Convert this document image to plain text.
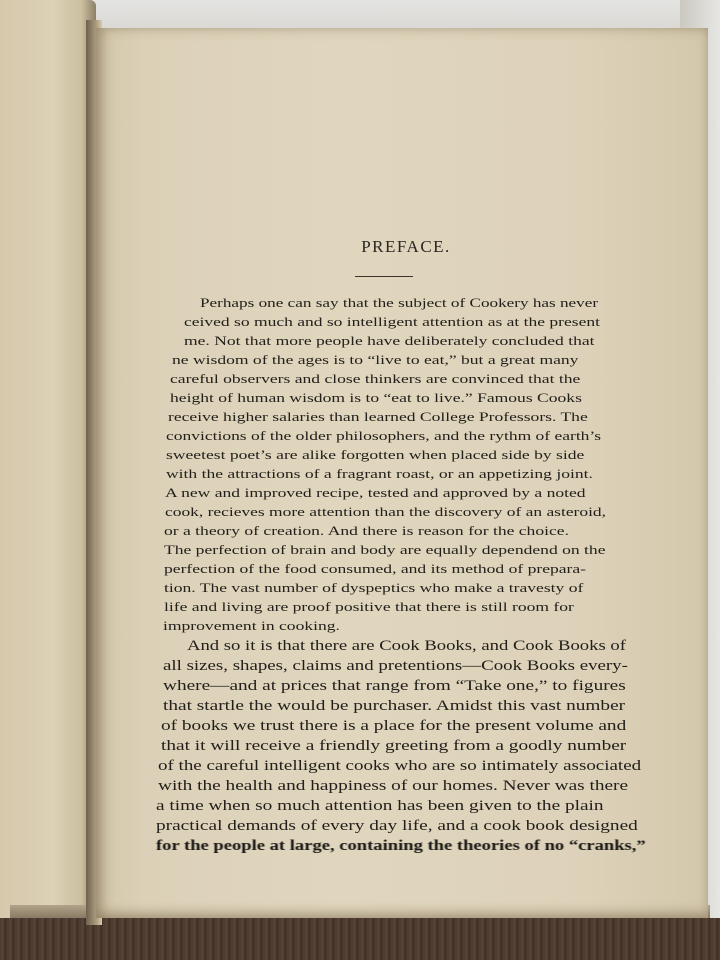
PREFACE.
Perhaps one can say that the subject of Cookery has never
ceived so much and so intelligent attention as at the present
me. Not that more people have deliberately concluded that
ne wisdom of the ages is to “live to eat,” but a great many
careful observers and close thinkers are convinced that the
height of human wisdom is to “eat to live.” Famous Cooks
receive higher salaries than learned College Professors. The
convictions of the older philosophers, and the rythm of earth’s
sweetest poet’s are alike forgotten when placed side by side
with the attractions of a fragrant roast, or an appetizing joint.
A new and improved recipe, tested and approved by a noted
cook, recieves more attention than the discovery of an asteroid,
or a theory of creation. And there is reason for the choice.
The perfection of brain and body are equally dependend on the
perfection of the food consumed, and its method of prepara-
tion. The vast number of dyspeptics who make a travesty of
life and living are proof positive that there is still room for
improvement in cooking.
And so it is that there are Cook Books, and Cook Books of
all sizes, shapes, claims and pretentions—Cook Books every-
where—and at prices that range from “Take one,” to figures
that startle the would be purchaser. Amidst this vast number
of books we trust there is a place for the present volume and
that it will receive a friendly greeting from a goodly number
of the careful intelligent cooks who are so intimately associated
with the health and happiness of our homes. Never was there
a time when so much attention has been given to the plain
practical demands of every day life, and a cook book designed
for the people at large, containing the theories of no “cranks,”
